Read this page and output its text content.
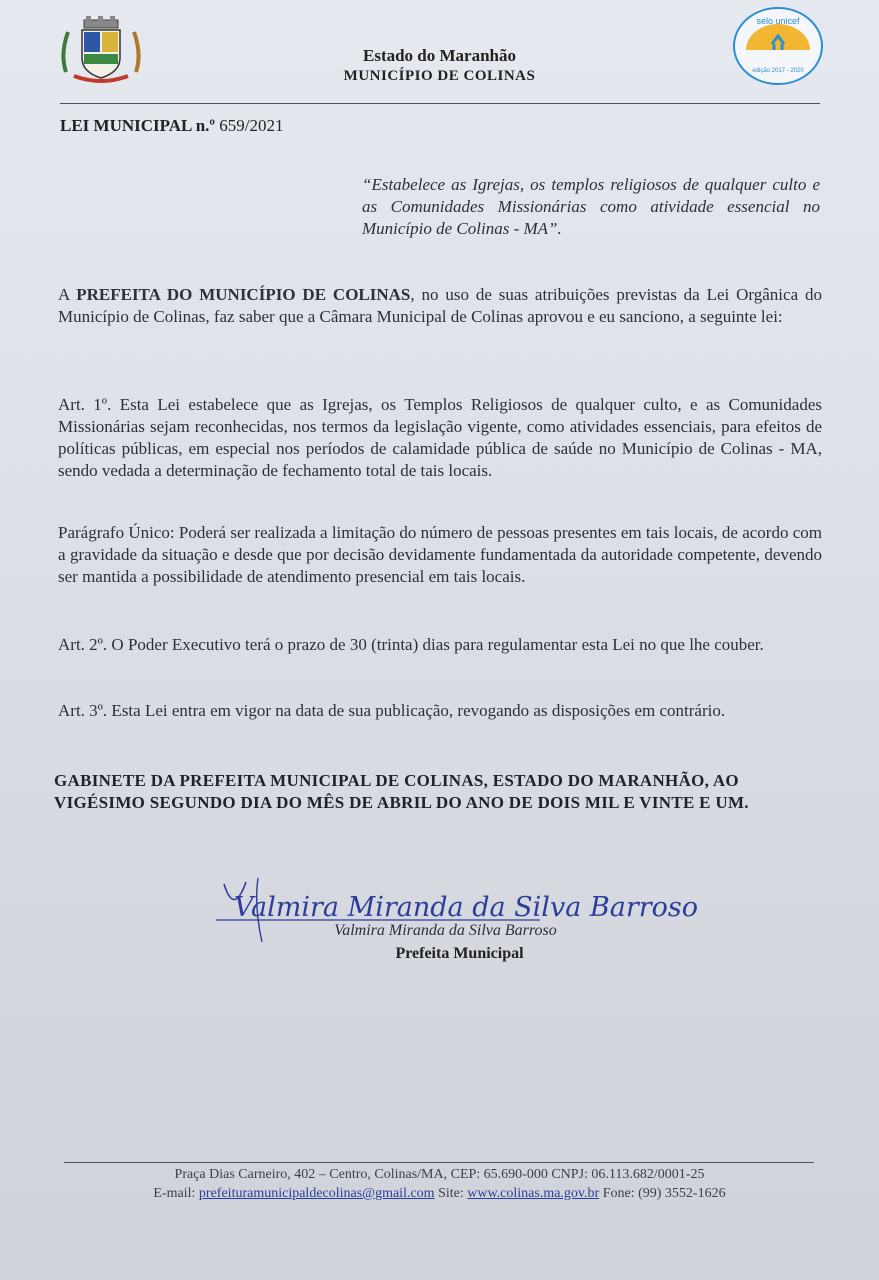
selo unicef
edição 2017 - 2020
Estado do Maranhão
MUNICÍPIO DE COLINAS
LEI MUNICIPAL n.º 659/2021
“Estabelece as Igrejas, os templos religiosos de qualquer culto e as Comunidades Missionárias como atividade essencial no Município de Colinas - MA”.
A PREFEITA DO MUNICÍPIO DE COLINAS, no uso de suas atribuições previstas da Lei Orgânica do Município de Colinas, faz saber que a Câmara Municipal de Colinas aprovou e eu sanciono, a seguinte lei:
Art. 1º. Esta Lei estabelece que as Igrejas, os Templos Religiosos de qualquer culto, e as Comunidades Missionárias sejam reconhecidas, nos termos da legislação vigente, como atividades essenciais, para efeitos de políticas públicas, em especial nos períodos de calamidade pública de saúde no Município de Colinas - MA, sendo vedada a determinação de fechamento total de tais locais.
Parágrafo Único: Poderá ser realizada a limitação do número de pessoas presentes em tais locais, de acordo com a gravidade da situação e desde que por decisão devidamente fundamentada da autoridade competente, devendo ser mantida a possibilidade de atendimento presencial em tais locais.
Art. 2º. O Poder Executivo terá o prazo de 30 (trinta) dias para regulamentar esta Lei no que lhe couber.
Art. 3º. Esta Lei entra em vigor na data de sua publicação, revogando as disposições em contrário.
GABINETE DA PREFEITA MUNICIPAL DE COLINAS, ESTADO DO MARANHÃO, AO VIGÉSIMO SEGUNDO DIA DO MÊS DE ABRIL DO ANO DE DOIS MIL E VINTE E UM.
Valmira Miranda da Silva Barroso
Valmira Miranda da Silva Barroso
Prefeita Municipal
Praça Dias Carneiro, 402 – Centro, Colinas/MA, CEP: 65.690-000 CNPJ: 06.113.682/0001-25
E-mail: prefeituramunicipaldecolinas@gmail.com Site: www.colinas.ma.gov.br Fone: (99) 3552-1626
